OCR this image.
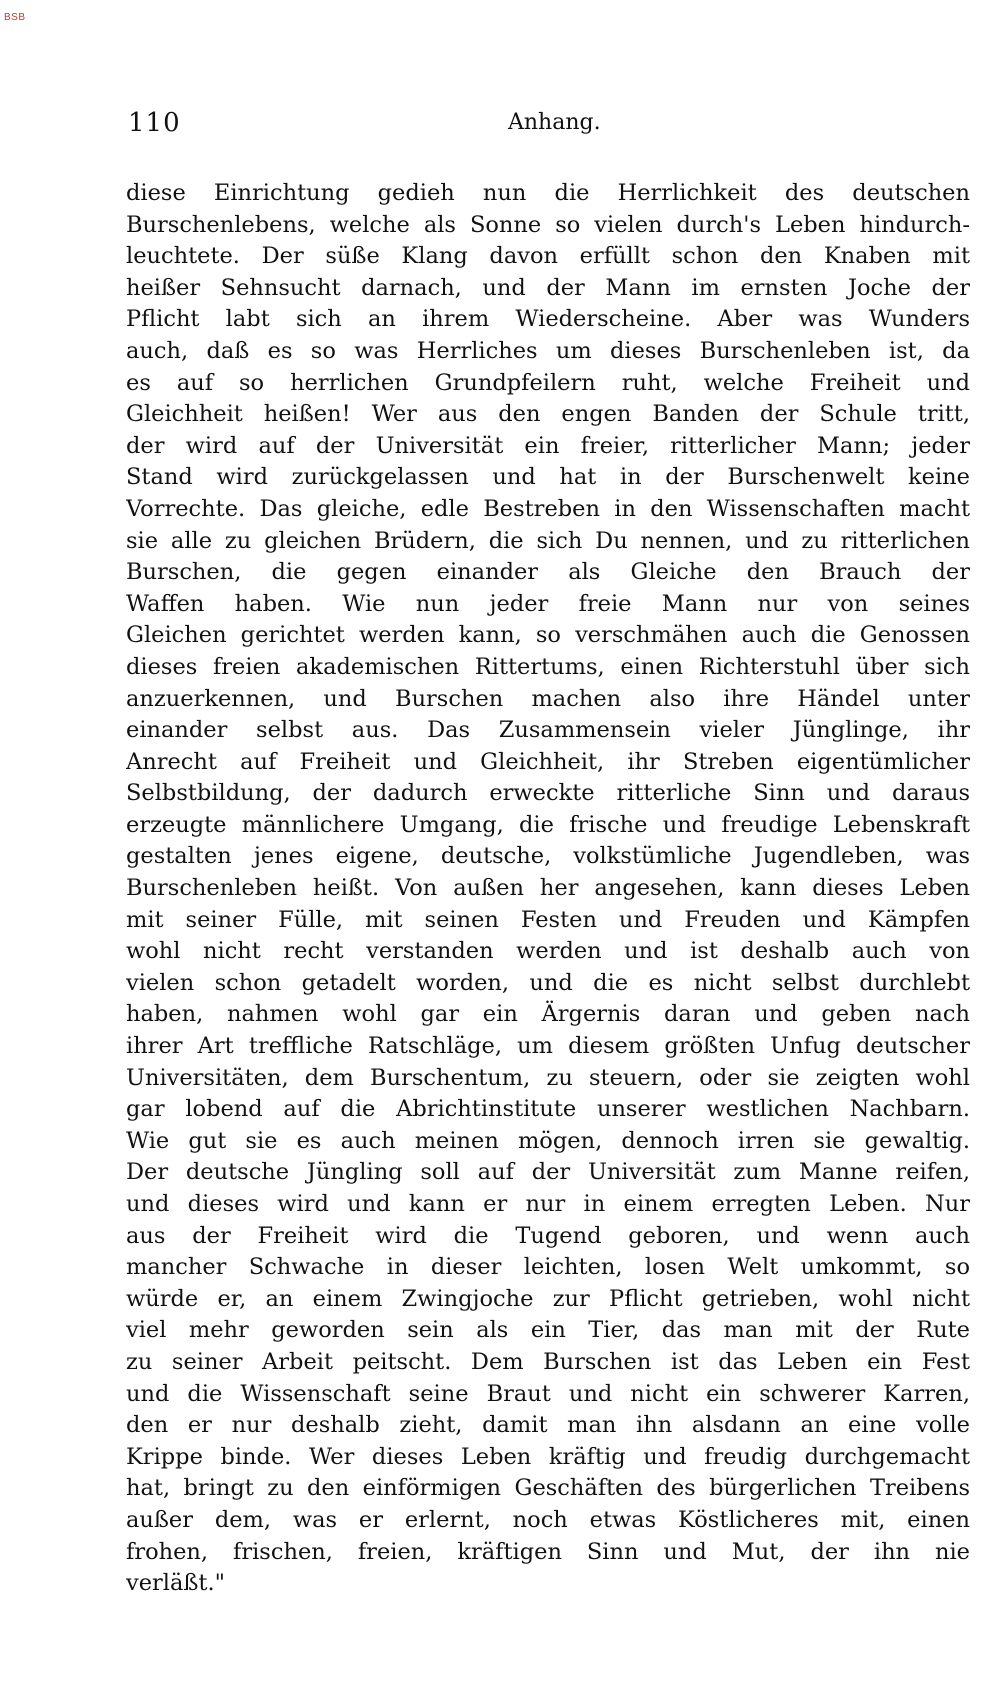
BSB
110	Anhang.
diese Einrichtung gedieh nun die Herrlichkeit des deutschen
Burschenlebens, welche als Sonne so vielen durch's Leben hindurch-
leuchtete. Der süße Klang davon erfüllt schon den Knaben mit
heißer Sehnsucht darnach, und der Mann im ernsten Joche der
Pflicht labt sich an ihrem Wiederscheine. Aber was Wunders
auch, daß es so was Herrliches um dieses Burschenleben ist, da
es auf so herrlichen Grundpfeilern ruht, welche Freiheit und
Gleichheit heißen! Wer aus den engen Banden der Schule tritt,
der wird auf der Universität ein freier, ritterlicher Mann; jeder
Stand wird zurückgelassen und hat in der Burschenwelt keine
Vorrechte. Das gleiche, edle Bestreben in den Wissenschaften macht
sie alle zu gleichen Brüdern, die sich Du nennen, und zu ritterlichen
Burschen, die gegen einander als Gleiche den Brauch der
Waffen haben. Wie nun jeder freie Mann nur von seines
Gleichen gerichtet werden kann, so verschmähen auch die Genossen
dieses freien akademischen Rittertums, einen Richterstuhl über sich
anzuerkennen, und Burschen machen also ihre Händel unter
einander selbst aus. Das Zusammensein vieler Jünglinge, ihr
Anrecht auf Freiheit und Gleichheit, ihr Streben eigentümlicher
Selbstbildung, der dadurch erweckte ritterliche Sinn und daraus
erzeugte männlichere Umgang, die frische und freudige Lebenskraft
gestalten jenes eigene, deutsche, volkstümliche Jugendleben, was
Burschenleben heißt. Von außen her angesehen, kann dieses Leben
mit seiner Fülle, mit seinen Festen und Freuden und Kämpfen
wohl nicht recht verstanden werden und ist deshalb auch von
vielen schon getadelt worden, und die es nicht selbst durchlebt
haben, nahmen wohl gar ein Ärgernis daran und geben nach
ihrer Art treffliche Ratschläge, um diesem größten Unfug deutscher
Universitäten, dem Burschentum, zu steuern, oder sie zeigten wohl
gar lobend auf die Abrichtinstitute unserer westlichen Nachbarn.
Wie gut sie es auch meinen mögen, dennoch irren sie gewaltig.
Der deutsche Jüngling soll auf der Universität zum Manne reifen,
und dieses wird und kann er nur in einem erregten Leben. Nur
aus der Freiheit wird die Tugend geboren, und wenn auch
mancher Schwache in dieser leichten, losen Welt umkommt, so
würde er, an einem Zwingjoche zur Pflicht getrieben, wohl nicht
viel mehr geworden sein als ein Tier, das man mit der Rute
zu seiner Arbeit peitscht. Dem Burschen ist das Leben ein Fest
und die Wissenschaft seine Braut und nicht ein schwerer Karren,
den er nur deshalb zieht, damit man ihn alsdann an eine volle
Krippe binde. Wer dieses Leben kräftig und freudig durchgemacht
hat, bringt zu den einförmigen Geschäften des bürgerlichen Treibens
außer dem, was er erlernt, noch etwas Köstlicheres mit, einen
frohen, frischen, freien, kräftigen Sinn und Mut, der ihn nie
verläßt."
